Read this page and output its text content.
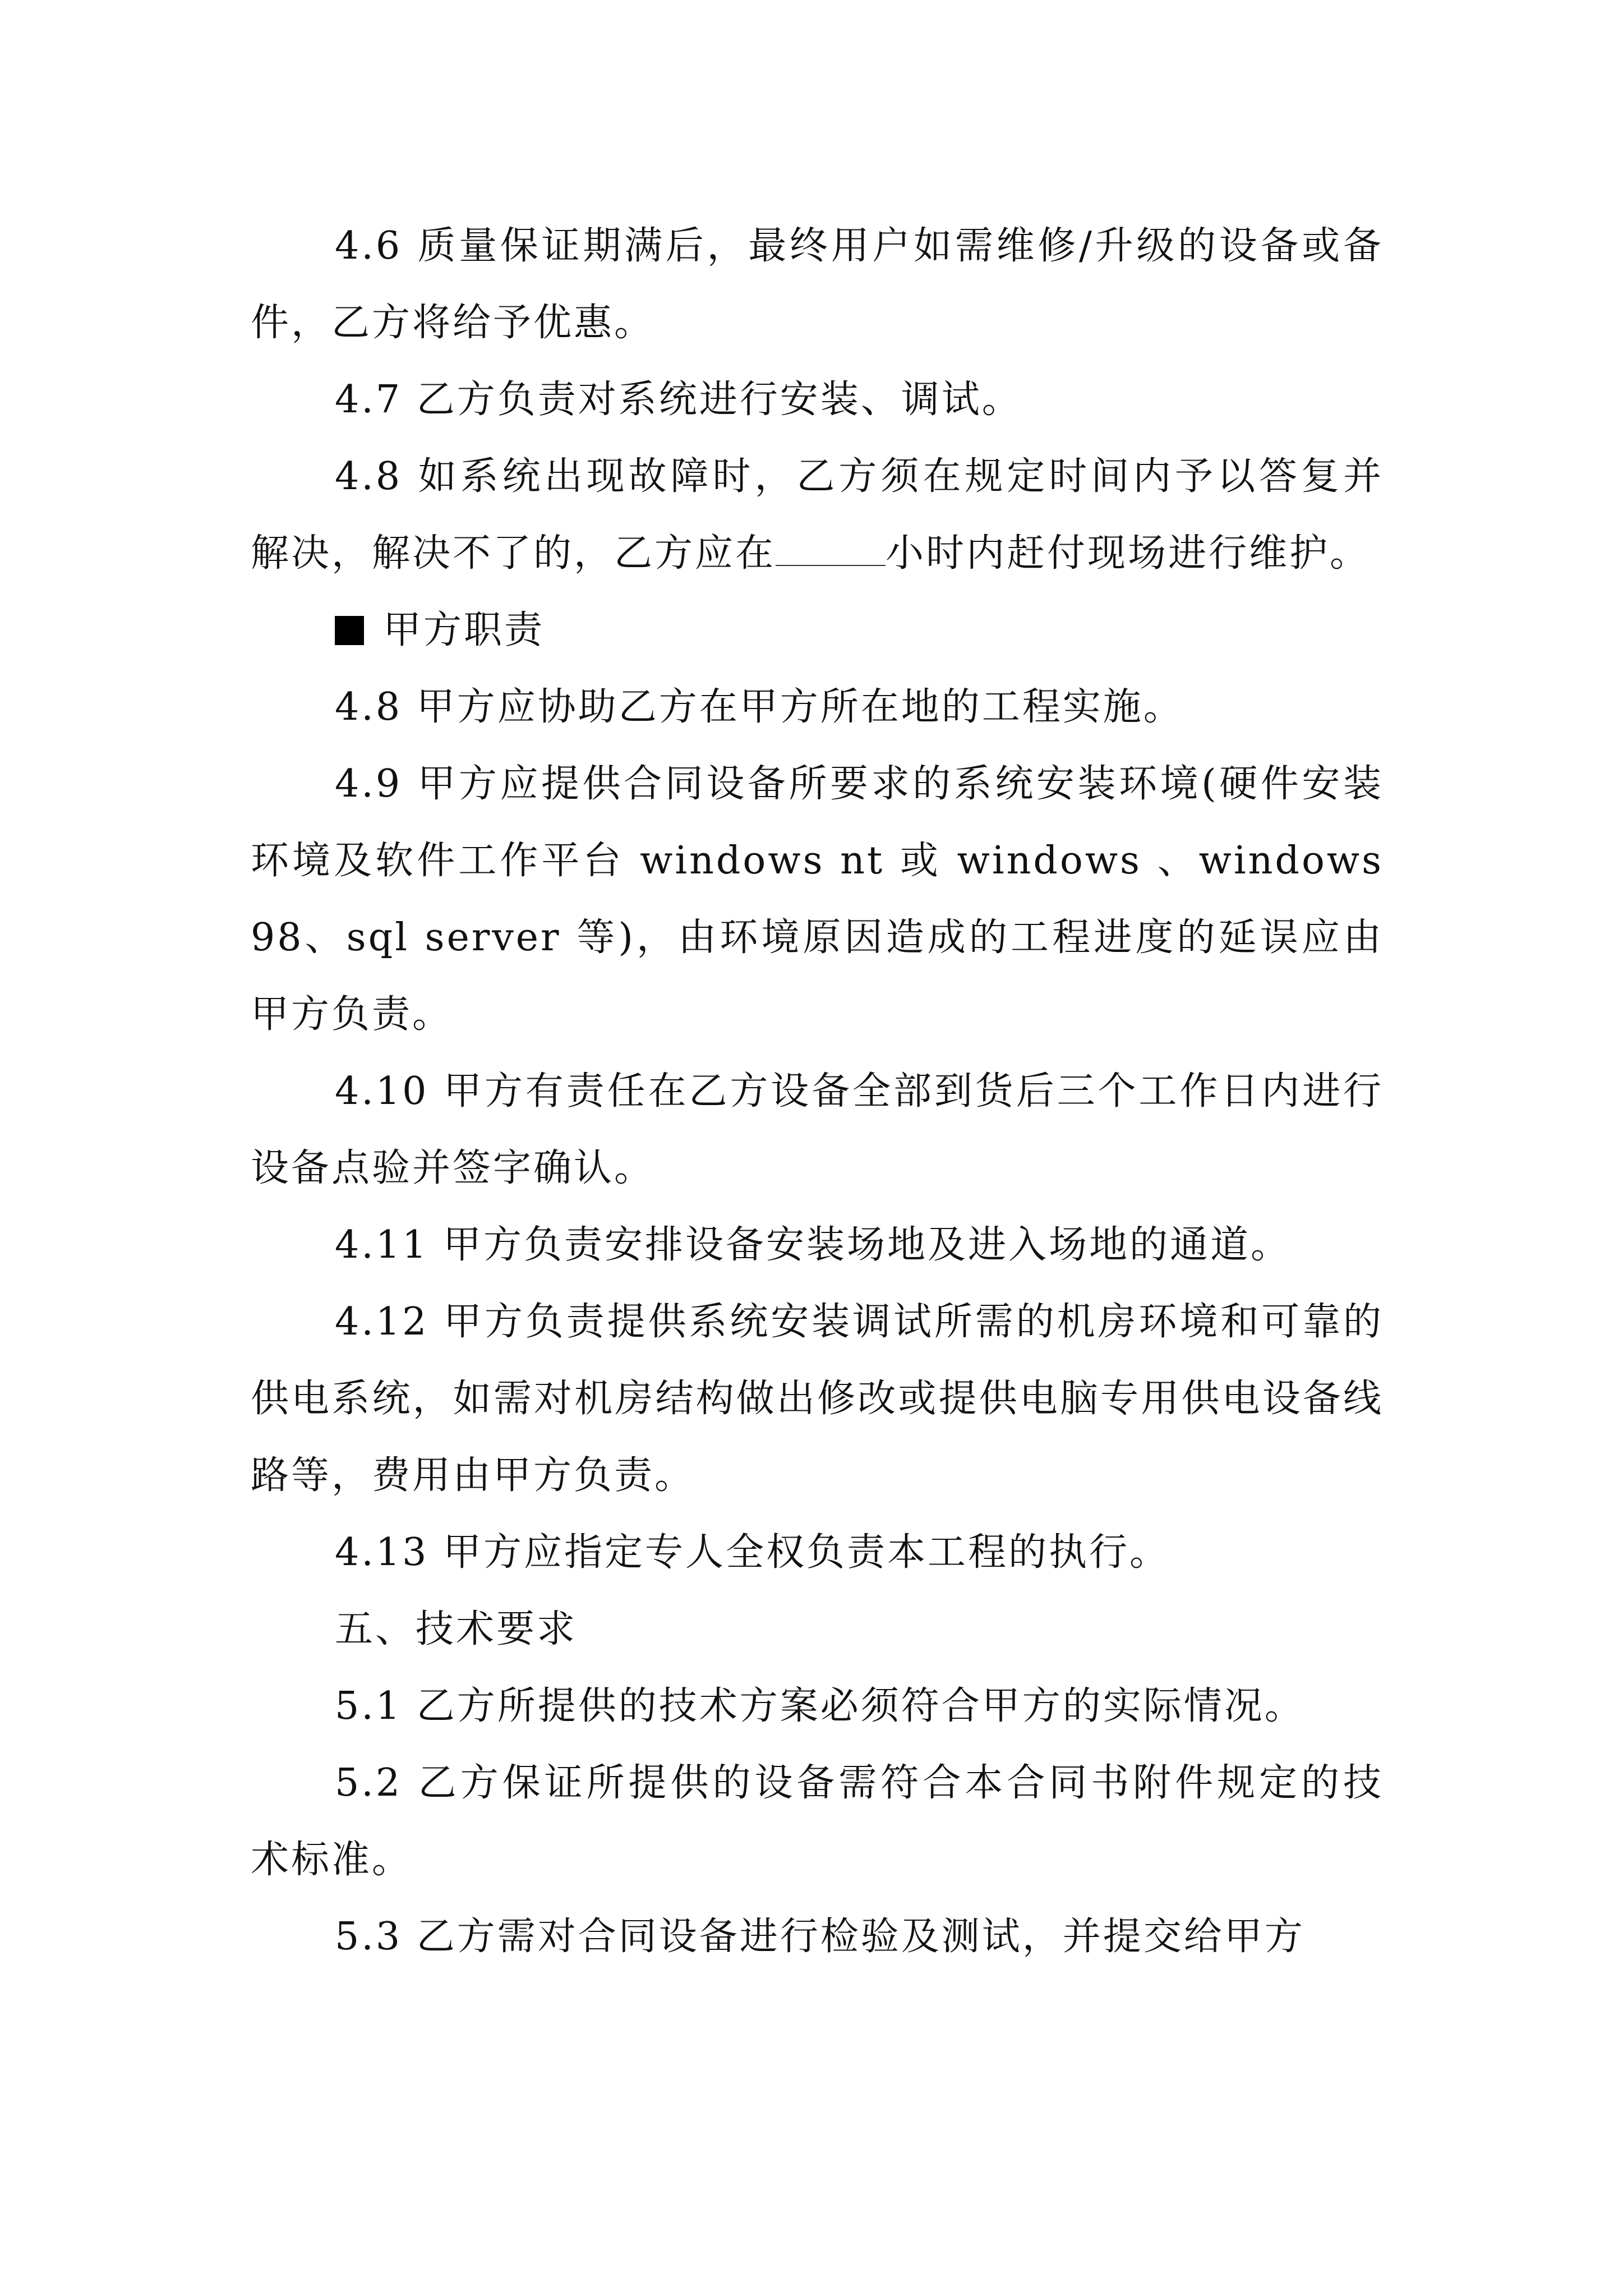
4.6 质量保证期满后，最终用户如需维修/升级的设备或备件，乙方将给予优惠。

4.7 乙方负责对系统进行安装、调试。

4.8 如系统出现故障时，乙方须在规定时间内予以答复并解决，解决不了的，乙方应在	小时内赶付现场进行维护。

甲方职责

4.8 甲方应协助乙方在甲方所在地的工程实施。

4.9 甲方应提供合同设备所要求的系统安装环境(硬件安装环境及软件工作平台 windows nt 或 windows 、windows98、sql server 等)，由环境原因造成的工程进度的延误应由甲方负责。

4.10 甲方有责任在乙方设备全部到货后三个工作日内进行设备点验并签字确认。

4.11 甲方负责安排设备安装场地及进入场地的通道。

4.12 甲方负责提供系统安装调试所需的机房环境和可靠的供电系统，如需对机房结构做出修改或提供电脑专用供电设备线路等，费用由甲方负责。

4.13 甲方应指定专人全权负责本工程的执行。

五、技术要求

5.1 乙方所提供的技术方案必须符合甲方的实际情况。

5.2 乙方保证所提供的设备需符合本合同书附件规定的技术标准。

5.3 乙方需对合同设备进行检验及测试，并提交给甲方
